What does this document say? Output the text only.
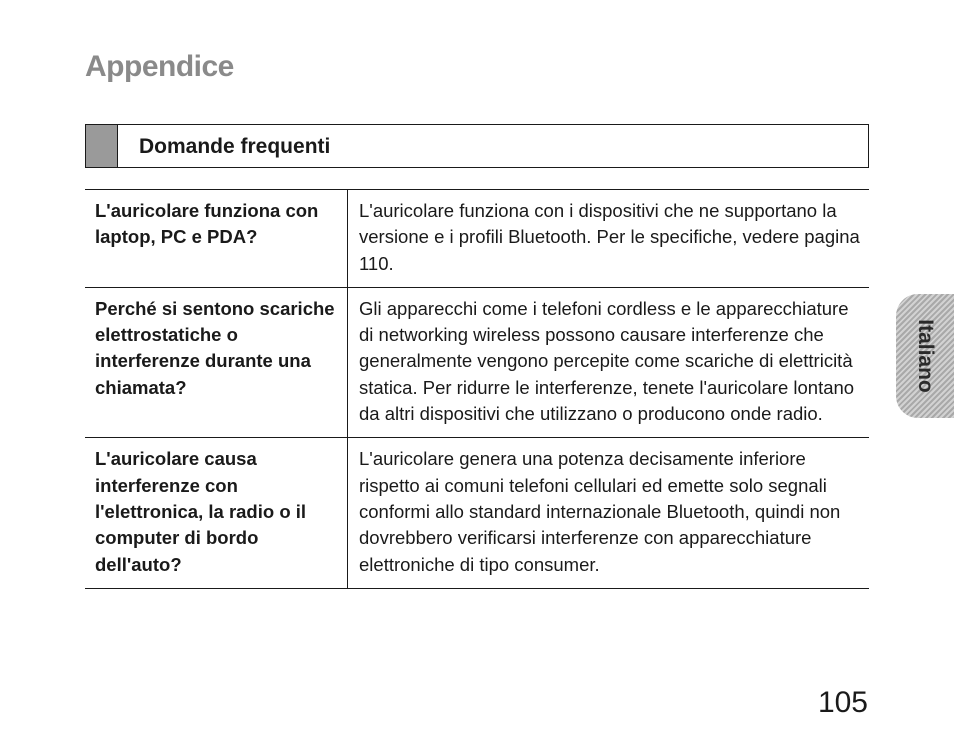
Appendice
Domande frequenti
L'auricolare funziona con laptop, PC e PDA?	L'auricolare funziona con i dispositivi che ne supportano la versione e i profili Bluetooth. Per le specifiche, vedere pagina 110.
Perché si sentono scariche elettrostatiche o interferenze durante una chiamata?	Gli apparecchi come i telefoni cordless e le apparecchiature di networking wireless possono causare interferenze che generalmente vengono percepite come scariche di elettricità statica. Per ridurre le interferenze, tenete l'auricolare lontano da altri dispositivi che utilizzano o producono onde radio.
L'auricolare causa interferenze con l'elettronica, la radio o il computer di bordo dell'auto?	L'auricolare genera una potenza decisamente inferiore rispetto ai comuni telefoni cellulari ed emette solo segnali conformi allo standard internazionale Bluetooth, quindi non dovrebbero verificarsi interferenze con apparecchiature elettroniche di tipo consumer.
Italiano
105
